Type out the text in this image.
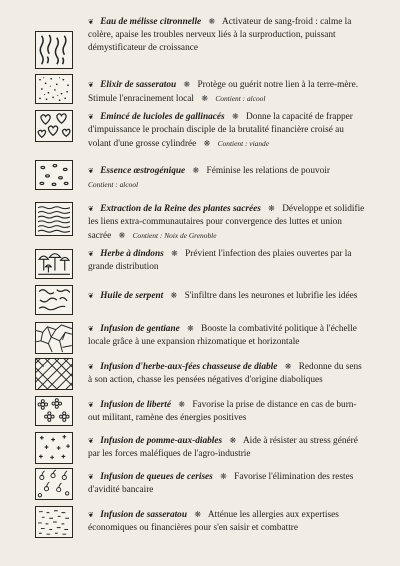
❦ Eau de mélisse citronnelle ❋ Activateur de sang-froid : calme la colère, apaise les troubles nerveux liés à la surproduction, puissant démystificateur de croissance
❦ Elixir de sasseratou ❋ Protège ou guérit notre lien à la terre-mère. Stimule l'enracinement local ❋ Contient : alcool
❦ Emincé de lucioles de gallinacés ❋ Donne la capacité de frapper d'impuissance le prochain disciple de la brutalité financière croisé au volant d'une grosse cylindrée ❋ Contient : viande
❦ Essence œstrogénique ❋ Féminise les relations de pouvoir
Contient : alcool
❦ Extraction de la Reine des plantes sacrées ❋ Développe et solidifie les liens extra-communautaires pour convergence des luttes et union sacrée ❋ Contient : Noix de Grenoble
❦ Herbe à dindons ❋ Prévient l'infection des plaies ouvertes par la grande distribution
❦ Huile de serpent ❋ S'infiltre dans les neurones et lubrifie les idées
❦ Infusion de gentiane ❋ Booste la combativité politique à l'échelle locale grâce à une expansion rhizomatique et horizontale
❦ Infusion d'herbe-aux-fées chasseuse de diable ❋ Redonne du sens à son action, chasse les pensées négatives d'origine diaboliques
❦ Infusion de liberté ❋ Favorise la prise de distance en cas de burn-out militant, ramène des énergies positives
❦ Infusion de pomme-aux-diables ❋ Aide à résister au stress généré par les forces maléfiques de l'agro-industrie
❦ Infusion de queues de cerises ❋ Favorise l'élimination des restes d'avidité bancaire
❦ Infusion de sasseratou ❋ Atténue les allergies aux expertises économiques ou financières pour s'en saisir et combattre
